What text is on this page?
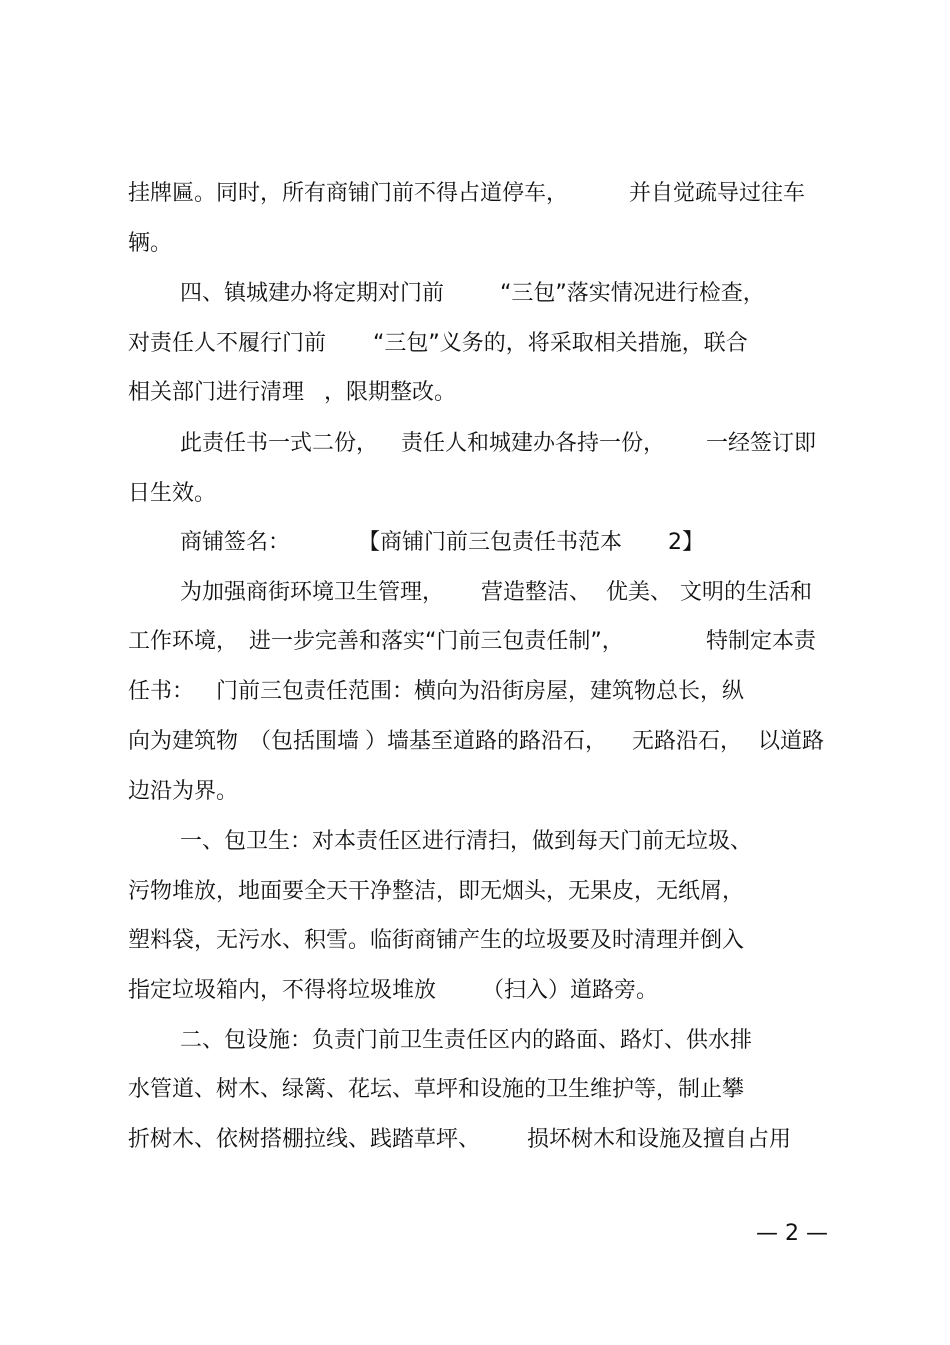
挂牌匾。同时，所有商铺门前不得占道停车，

	并自觉疏导过往车

辆。

四、镇城建办将定期对门前

	“三包”落实情况进行检查，

对责任人不履行门前

“三包”义务的，将采取相关措施，联合

相关部门进行清理

，限期整改。

此责任书一式二份，

责任人和城建办各持一份，

一经签订即

日生效。

商铺签名：

	【商铺门前三包责任书范本

2】

为加强商街环境卫生管理，

营造整洁、

优美、

文明的生活和

工作环境，

进一步完善和落实“门前三包责任制”，

	特制定本责

任书：

门前三包责任范围：横向为沿街房屋，建筑物总长，纵

向为建筑物

（包括围墙

）墙基至道路的路沿石，

无路沿石，

以道路

边沿为界。

一、包卫生：对本责任区进行清扫，做到每天门前无垃圾、

污物堆放，地面要全天干净整洁，即无烟头，无果皮，无纸屑，

塑料袋，无污水、积雪。临街商铺产生的垃圾要及时清理并倒入

指定垃圾箱内，不得将垃圾堆放

（扫入）道路旁。

二、包设施：负责门前卫生责任区内的路面、路灯、供水排

水管道、树木、绿篱、花坛、草坪和设施的卫生维护等，制止攀

折树木、依树搭棚拉线、践踏草坪、

损坏树木和设施及擅自占用

— 2 —
